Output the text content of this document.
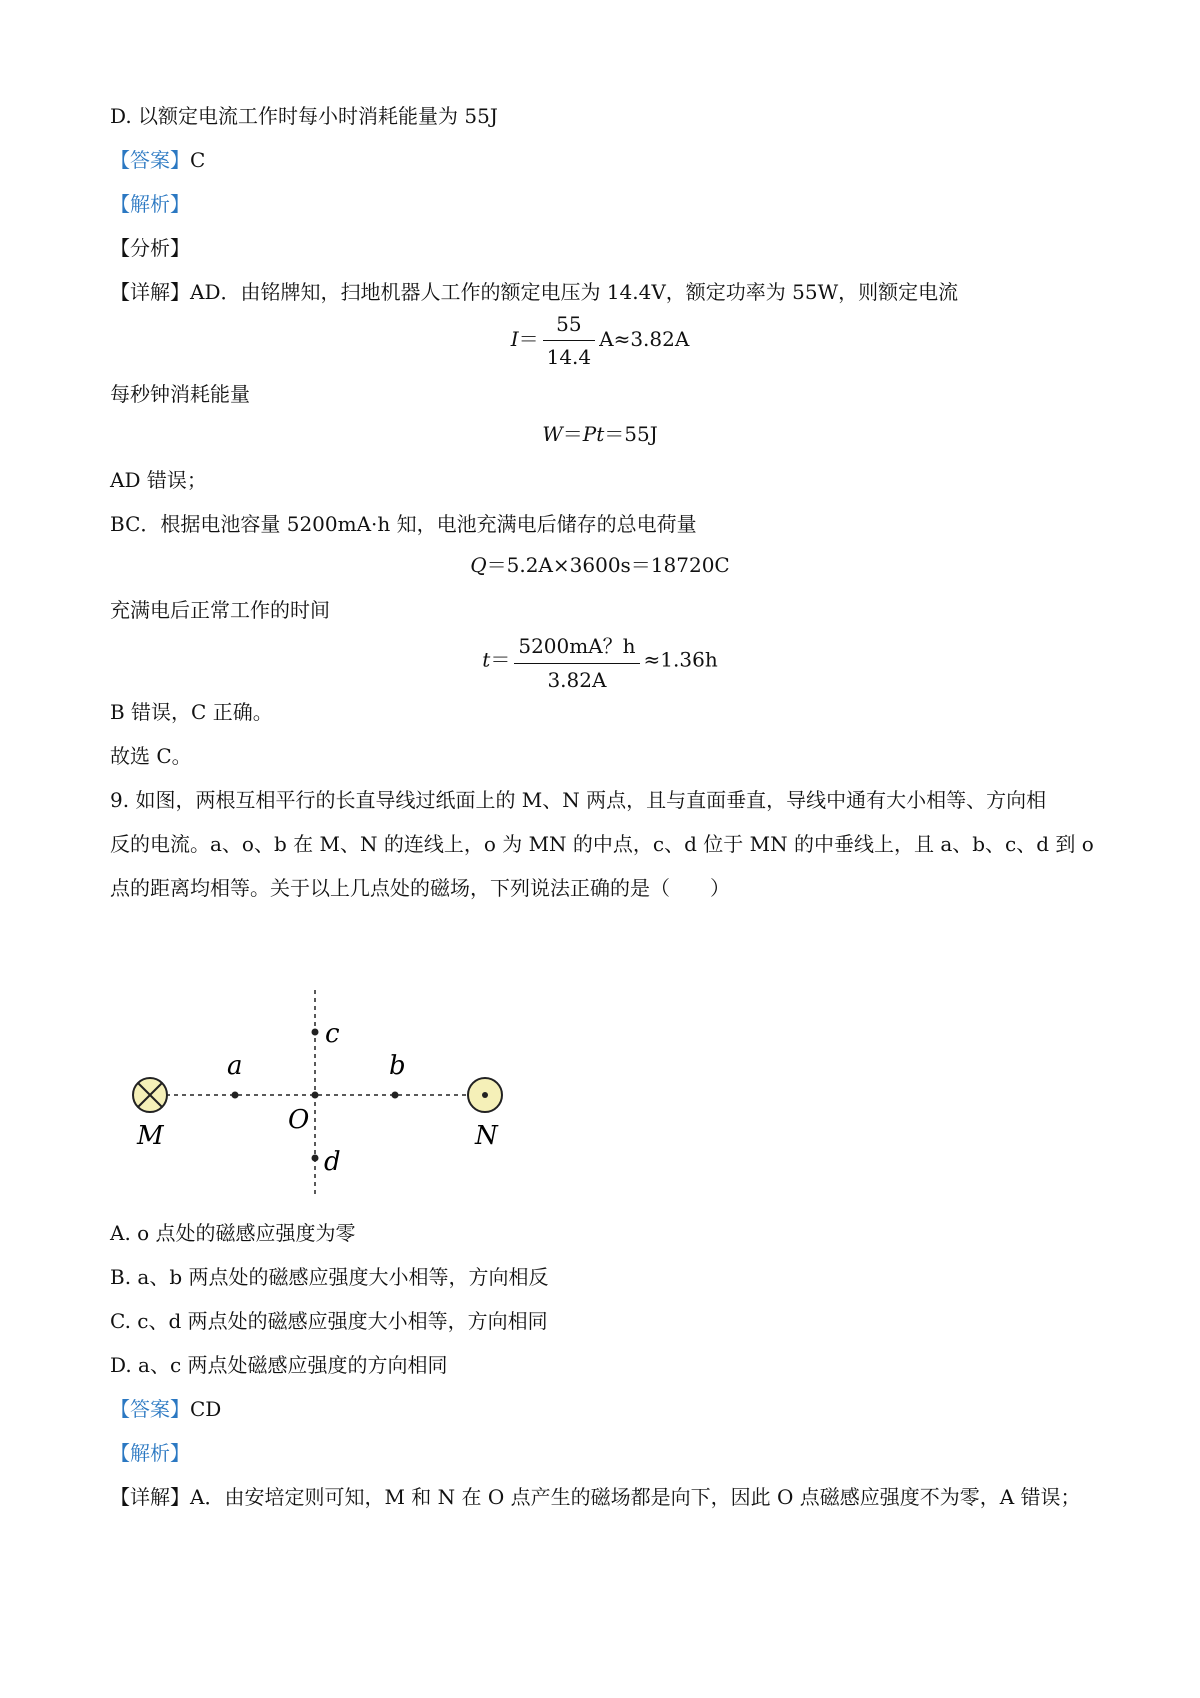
D. 以额定电流工作时每小时消耗能量为 55J
【答案】C
【解析】
【分析】
【详解】AD．由铭牌知，扫地机器人工作的额定电压为 14.4V，额定功率为 55W，则额定电流
$I= \frac{55}{14.4} A\approx 3.82A$
每秒钟消耗能量
W＝Pt＝55J
AD 错误；
BC．根据电池容量 5200mA·h 知，电池充满电后储存的总电荷量
Q＝5.2A×3600s＝18720C
充满电后正常工作的时间
$t= \frac{5200mA?h}{3.82A} \approx 1.36h$
B 错误，C 正确。
故选 C。
9. 如图，两根互相平行的长直导线过纸面上的 M、N 两点，且与直面垂直，导线中通有大小相等、方向相
反的电流。a、o、b 在 M、N 的连线上，o 为 MN 的中点，c、d 位于 MN 的中垂线上，且 a、b、c、d 到 o
点的距离均相等。关于以上几点处的磁场，下列说法正确的是（　　）
a	b
c
d
O
M	N
A. o 点处的磁感应强度为零
B. a、b 两点处的磁感应强度大小相等，方向相反
C. c、d 两点处的磁感应强度大小相等，方向相同
D. a、c 两点处磁感应强度的方向相同
【答案】CD
【解析】
【详解】A．由安培定则可知，M 和 N 在 O 点产生的磁场都是向下，因此 O 点磁感应强度不为零，A 错误；
